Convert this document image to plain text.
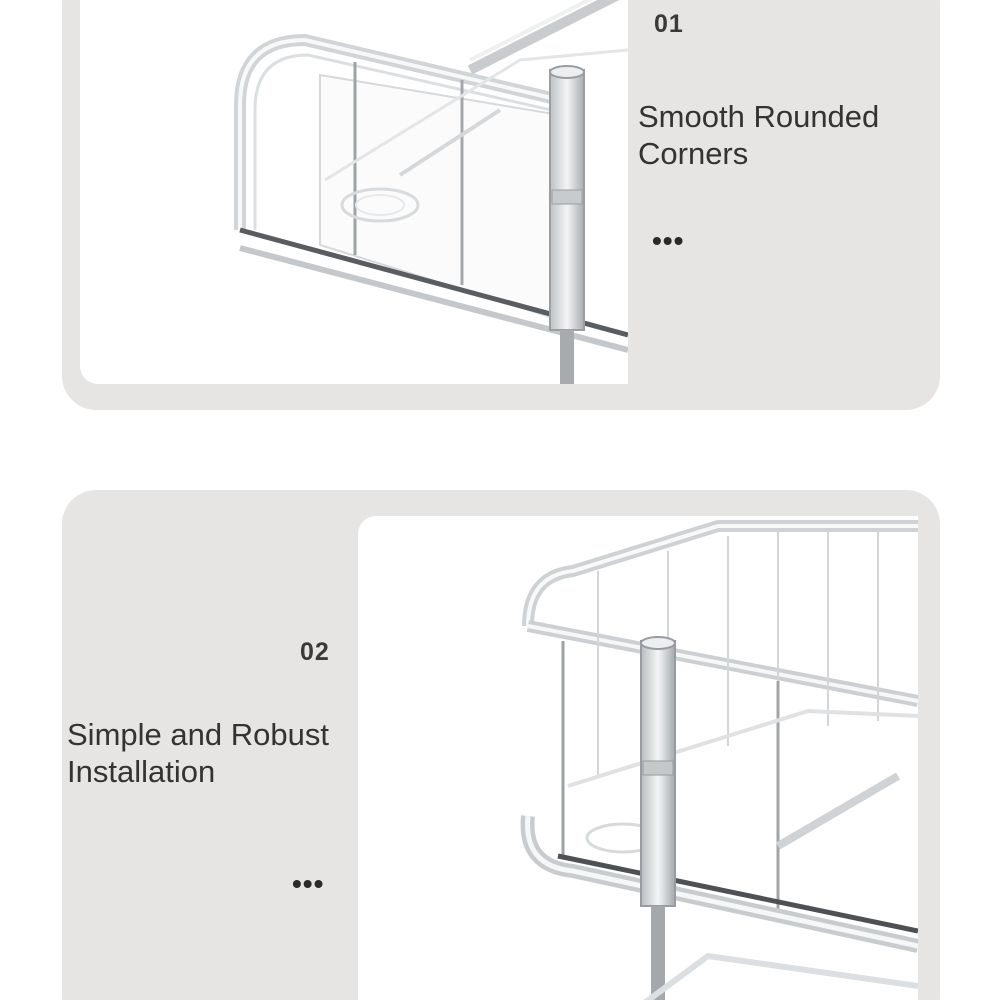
01
Smooth Rounded Corners
•••
02
Simple and Robust Installation
•••
